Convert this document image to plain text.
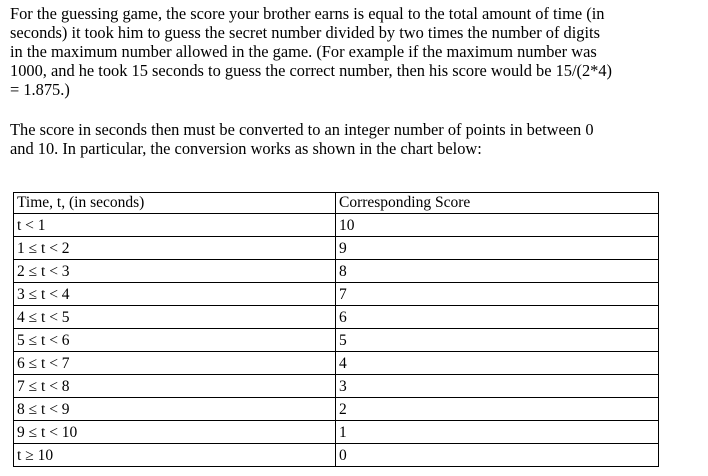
For the guessing game, the score your brother earns is equal to the total amount of time (in
seconds) it took him to guess the secret number divided by two times the number of digits
in the maximum number allowed in the game. (For example if the maximum number was
1000, and he took 15 seconds to guess the correct number, then his score would be 15/(2*4)
= 1.875.)

The score in seconds then must be converted to an integer number of points in between 0
and 10. In particular, the conversion works as shown in the chart below:

Time, t, (in seconds)	Corresponding Score
t < 1	10
1 ≤ t < 2	9
2 ≤ t < 3	8
3 ≤ t < 4	7
4 ≤ t < 5	6
5 ≤ t < 6	5
6 ≤ t < 7	4
7 ≤ t < 8	3
8 ≤ t < 9	2
9 ≤ t < 10	1
t ≥ 10	0
